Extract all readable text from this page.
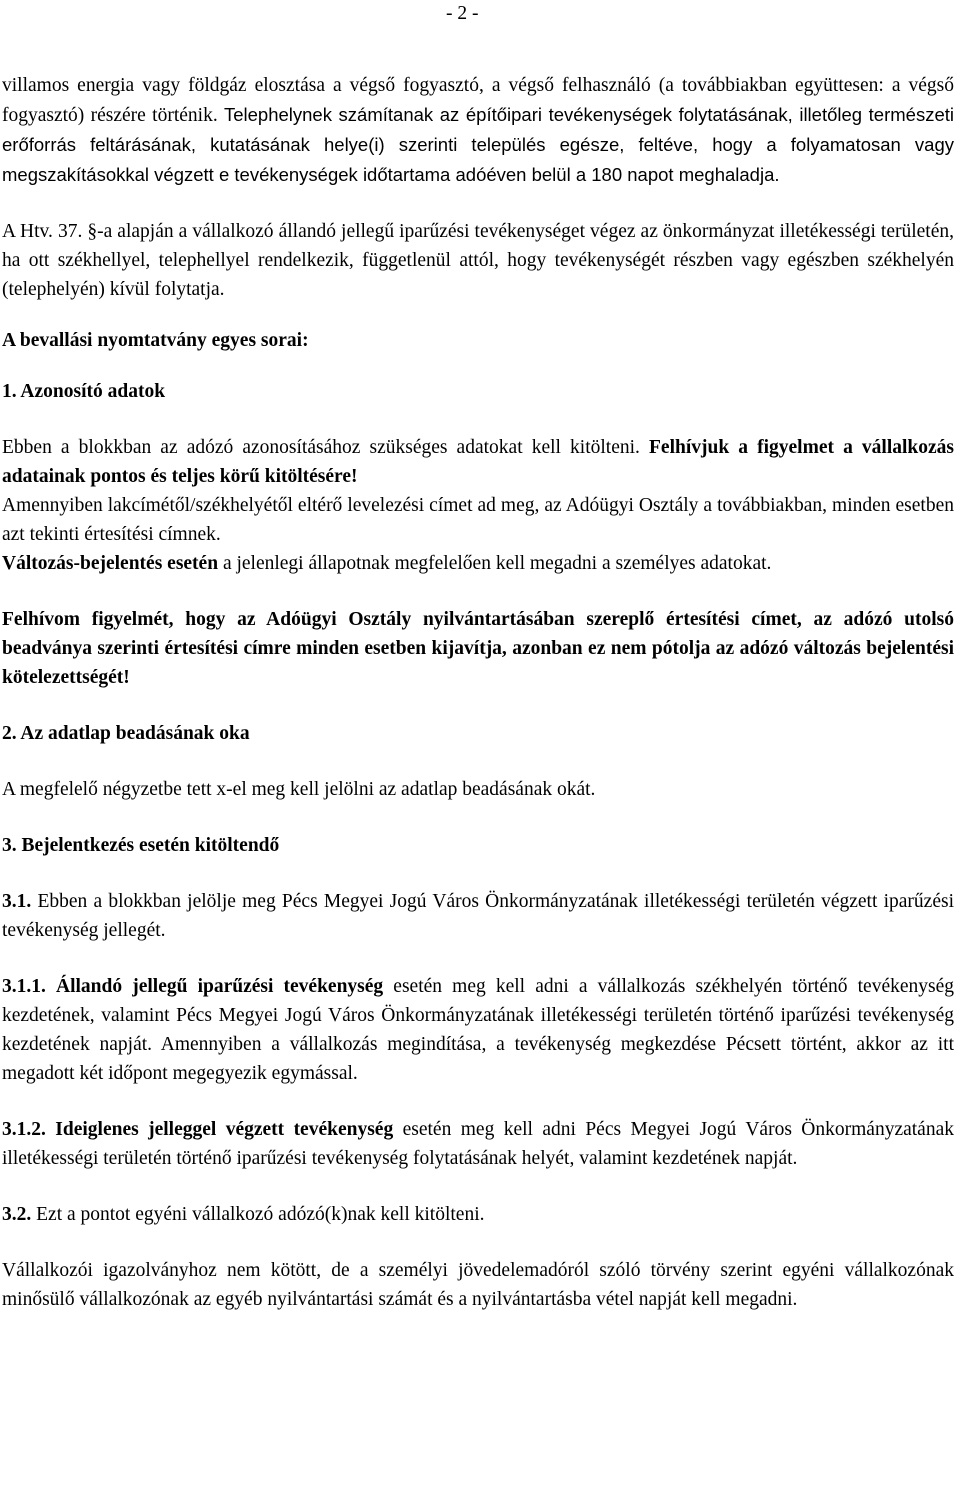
- 2 -

villamos energia vagy földgáz elosztása a végső fogyasztó, a végső felhasználó (a továbbiakban együttesen: a végső fogyasztó) részére történik. Telephelynek számítanak az építőipari tevékenységek folytatásának, illetőleg természeti erőforrás feltárásának, kutatásának helye(i) szerinti település egésze, feltéve, hogy a folyamatosan vagy megszakításokkal végzett e tevékenységek időtartama adóéven belül a 180 napot meghaladja.

A Htv. 37. §-a alapján a vállalkozó állandó jellegű iparűzési tevékenységet végez az önkormányzat illetékességi területén, ha ott székhellyel, telephellyel rendelkezik, függetlenül attól, hogy tevékenységét részben vagy egészben székhelyén (telephelyén) kívül folytatja.

A bevallási nyomtatvány egyes sorai:

1. Azonosító adatok

Ebben a blokkban az adózó azonosításához szükséges adatokat kell kitölteni. Felhívjuk a figyelmet a vállalkozás adatainak pontos és teljes körű kitöltésére!

Amennyiben lakcímétől/székhelyétől eltérő levelezési címet ad meg, az Adóügyi Osztály a továbbiakban, minden esetben azt tekinti értesítési címnek.

Változás-bejelentés esetén a jelenlegi állapotnak megfelelően kell megadni a személyes adatokat.

Felhívom figyelmét, hogy az Adóügyi Osztály nyilvántartásában szereplő értesítési címet, az adózó utolsó beadványa szerinti értesítési címre minden esetben kijavítja, azonban ez nem pótolja az adózó változás bejelentési kötelezettségét!

2. Az adatlap beadásának oka

A megfelelő négyzetbe tett x-el meg kell jelölni az adatlap beadásának okát.

3. Bejelentkezés esetén kitöltendő

3.1. Ebben a blokkban jelölje meg Pécs Megyei Jogú Város Önkormányzatának illetékességi területén végzett iparűzési tevékenység jellegét.

3.1.1. Állandó jellegű iparűzési tevékenység esetén meg kell adni a vállalkozás székhelyén történő tevékenység kezdetének, valamint Pécs Megyei Jogú Város Önkormányzatának illetékességi területén történő iparűzési tevékenység kezdetének napját. Amennyiben a vállalkozás megindítása, a tevékenység megkezdése Pécsett történt, akkor az itt megadott két időpont megegyezik egymással.

3.1.2. Ideiglenes jelleggel végzett tevékenység esetén meg kell adni Pécs Megyei Jogú Város Önkormányzatának illetékességi területén történő iparűzési tevékenység folytatásának helyét, valamint kezdetének napját.

3.2. Ezt a pontot egyéni vállalkozó adózó(k)nak kell kitölteni.

Vállalkozói igazolványhoz nem kötött, de a személyi jövedelemadóról szóló törvény szerint egyéni vállalkozónak minősülő vállalkozónak az egyéb nyilvántartási számát és a nyilvántartásba vétel napját kell megadni.
